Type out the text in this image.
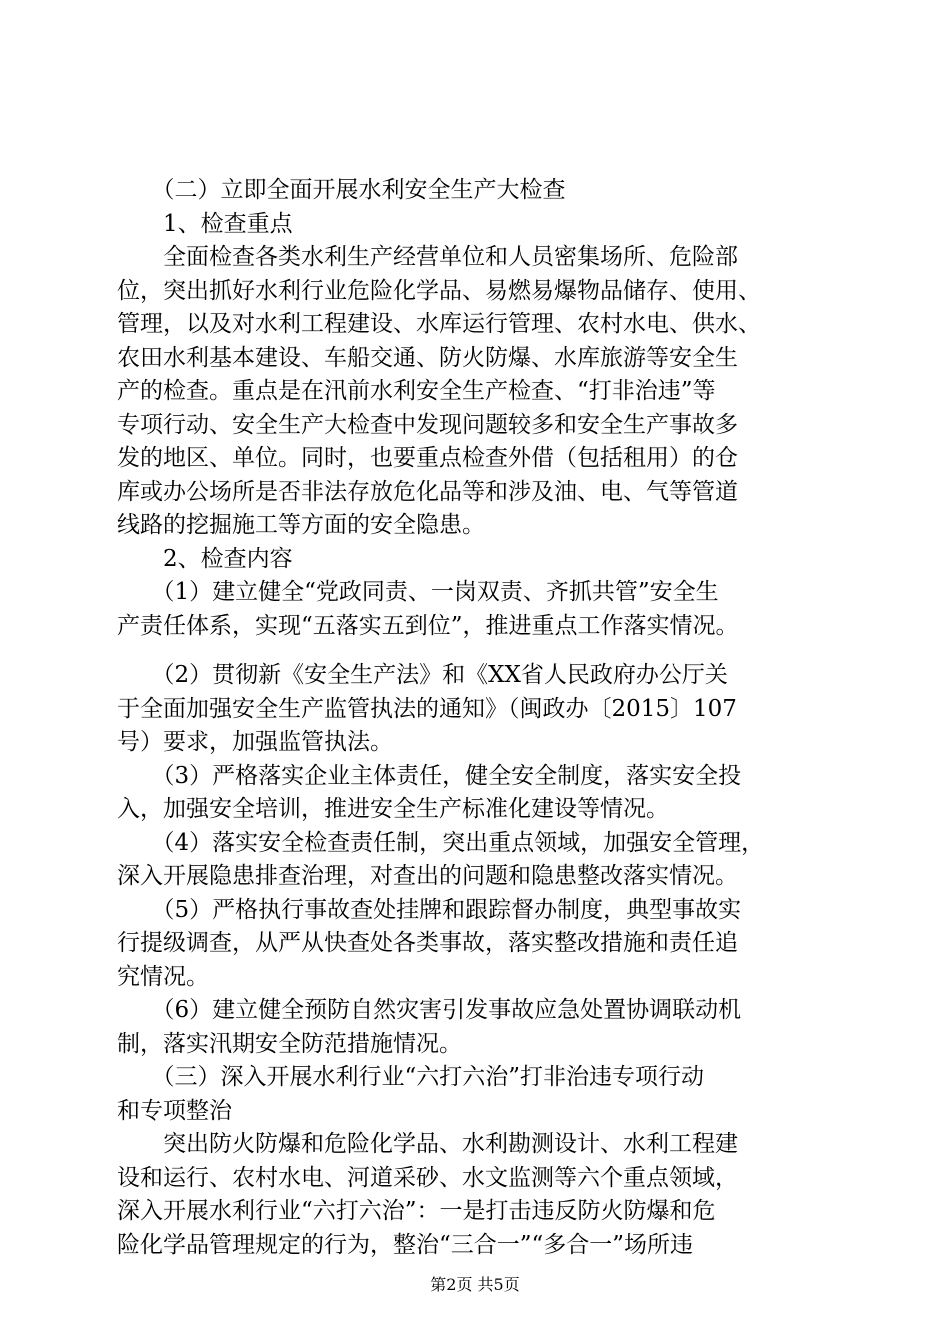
　　（二）立即全面开展水利安全生产大检查
　　1、检查重点
　　全面检查各类水利生产经营单位和人员密集场所、危险部
位，突出抓好水利行业危险化学品、易燃易爆物品储存、使用、
管理，以及对水利工程建设、水库运行管理、农村水电、供水、
农田水利基本建设、车船交通、防火防爆、水库旅游等安全生
产的检查。重点是在汛前水利安全生产检查、“打非治违”等
专项行动、安全生产大检查中发现问题较多和安全生产事故多
发的地区、单位。同时，也要重点检查外借（包括租用）的仓
库或办公场所是否非法存放危化品等和涉及油、电、气等管道
线路的挖掘施工等方面的安全隐患。
　　2、检查内容
　　（1）建立健全“党政同责、一岗双责、齐抓共管”安全生
产责任体系，实现“五落实五到位”，推进重点工作落实情况。
　　（2）贯彻新《安全生产法》和《XX省人民政府办公厅关
于全面加强安全生产监管执法的通知》（闽政办〔2015〕107
号）要求，加强监管执法。
　　（3）严格落实企业主体责任，健全安全制度，落实安全投
入，加强安全培训，推进安全生产标准化建设等情况。
　　（4）落实安全检查责任制，突出重点领域，加强安全管理，
深入开展隐患排查治理，对查出的问题和隐患整改落实情况。
　　（5）严格执行事故查处挂牌和跟踪督办制度，典型事故实
行提级调查，从严从快查处各类事故，落实整改措施和责任追
究情况。
　　（6）建立健全预防自然灾害引发事故应急处置协调联动机
制，落实汛期安全防范措施情况。
　　（三）深入开展水利行业“六打六治”打非治违专项行动
和专项整治
　　突出防火防爆和危险化学品、水利勘测设计、水利工程建
设和运行、农村水电、河道采砂、水文监测等六个重点领域，
深入开展水利行业“六打六治”：一是打击违反防火防爆和危
险化学品管理规定的行为，整治“三合一”“多合一”场所违
第2页 共5页
